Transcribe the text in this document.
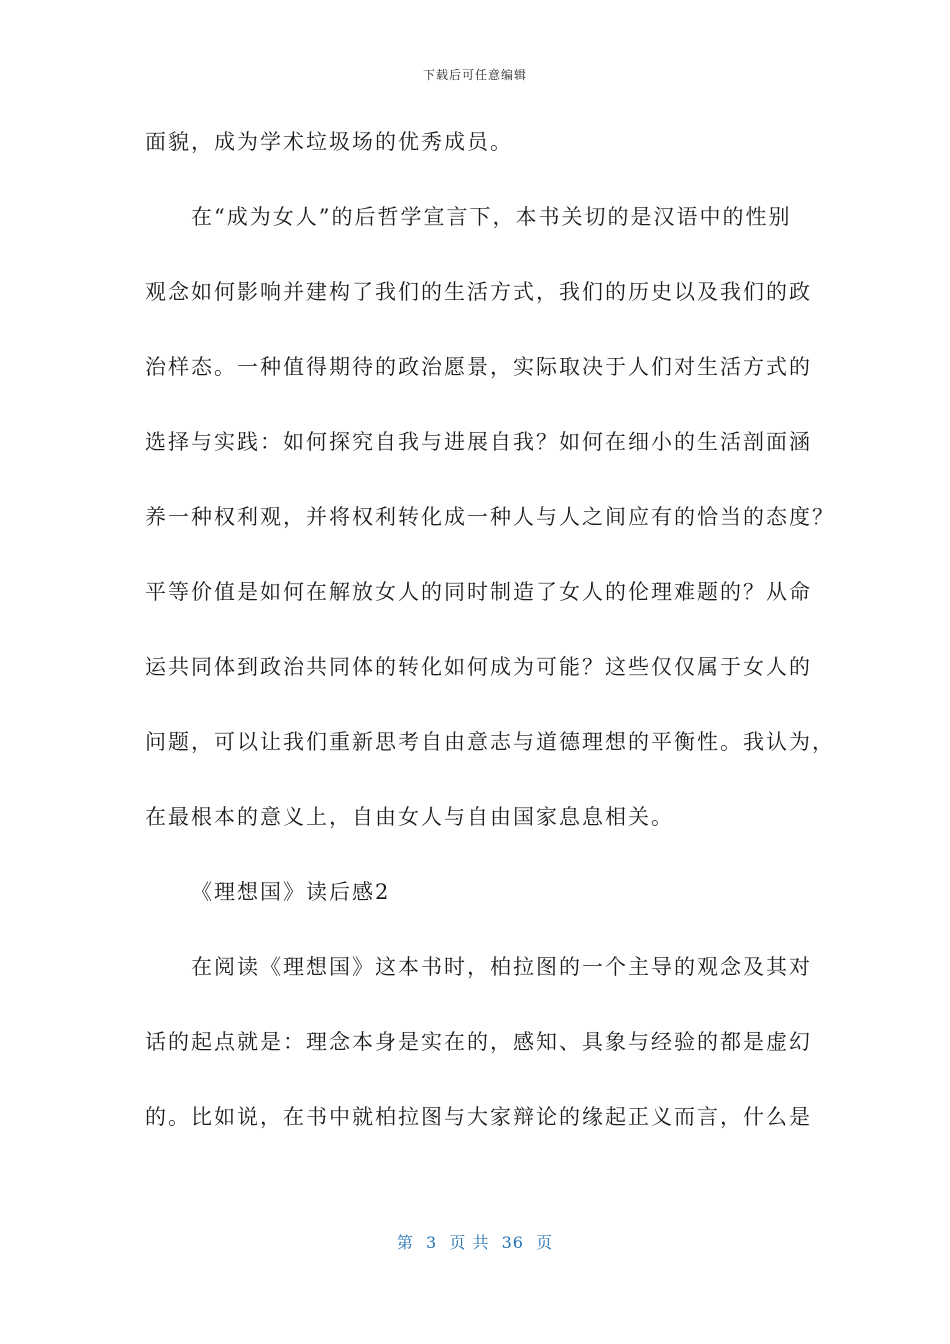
下载后可任意编辑
面貌，成为学术垃圾场的优秀成员。
在“成为女人”的后哲学宣言下，本书关切的是汉语中的性别
观念如何影响并建构了我们的生活方式，我们的历史以及我们的政
治样态。一种值得期待的政治愿景，实际取决于人们对生活方式的
选择与实践：如何探究自我与进展自我？如何在细小的生活剖面涵
养一种权利观，并将权利转化成一种人与人之间应有的恰当的态度？
平等价值是如何在解放女人的同时制造了女人的伦理难题的？从命
运共同体到政治共同体的转化如何成为可能？这些仅仅属于女人的
问题，可以让我们重新思考自由意志与道德理想的平衡性。我认为，
在最根本的意义上，自由女人与自由国家息息相关。
《理想国》读后感2
在阅读《理想国》这本书时，柏拉图的一个主导的观念及其对
话的起点就是：理念本身是实在的，感知、具象与经验的都是虚幻
的。比如说，在书中就柏拉图与大家辩论的缘起正义而言，什么是
第  3  页 共  36  页
